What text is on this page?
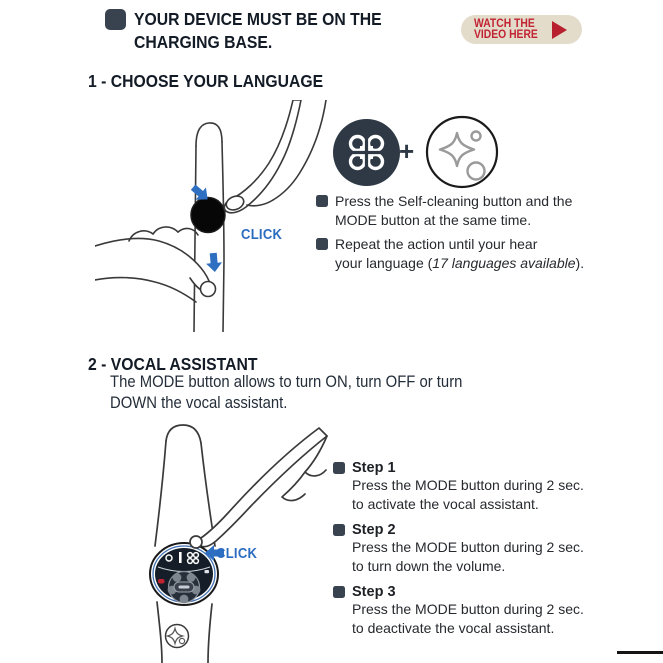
YOUR DEVICE MUST BE ON THE
CHARGING BASE.
WATCH THE
VIDEO HERE
1 - CHOOSE YOUR LANGUAGE
CLICK
+
Press the Self-cleaning button and the
MODE button at the same time.
Repeat the action until your hear
your language (17 languages available).
2 - VOCAL ASSISTANT
The MODE button allows to turn ON, turn OFF or turn
DOWN the vocal assistant.
CLICK
Step 1
Press the MODE button during 2 sec.
to activate the vocal assistant.
Step 2
Press the MODE button during 2 sec.
to turn down the volume.
Step 3
Press the MODE button during 2 sec.
to deactivate the vocal assistant.
